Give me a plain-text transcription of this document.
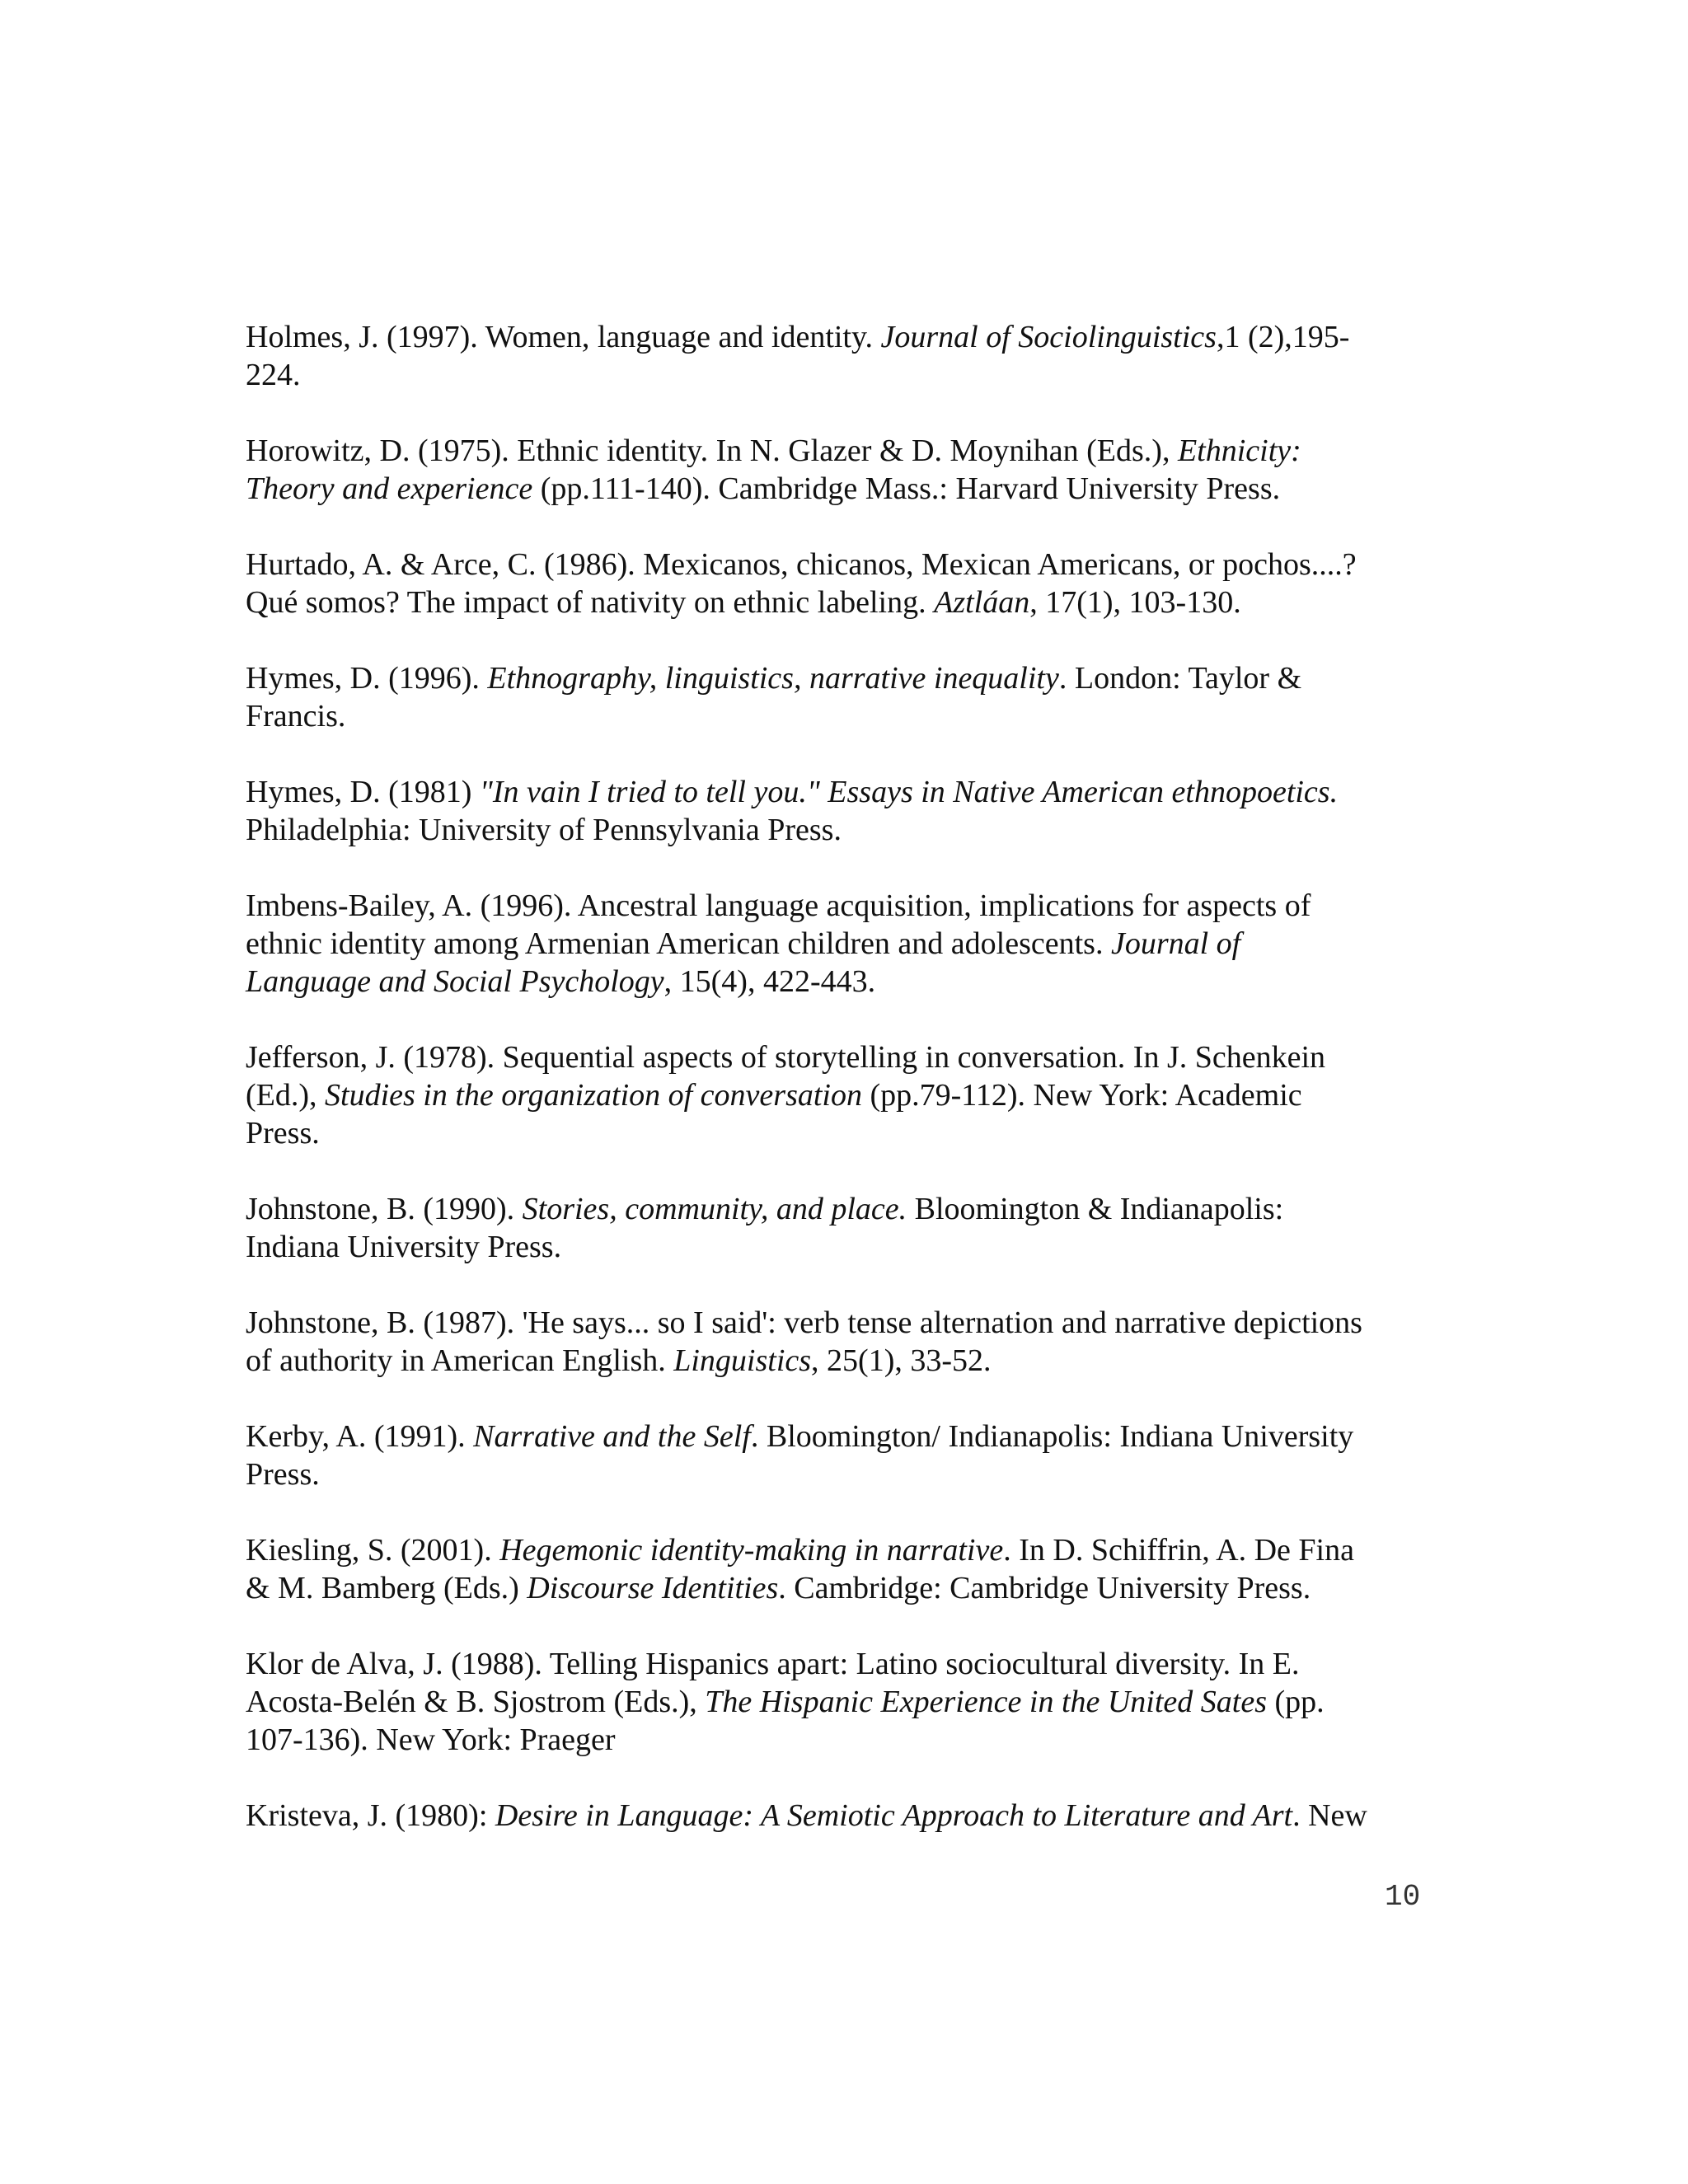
Holmes, J. (1997). Women, language and identity. Journal of Sociolinguistics,1 (2),195-
224.

Horowitz, D. (1975). Ethnic identity. In N. Glazer & D. Moynihan (Eds.), Ethnicity:
Theory and experience (pp.111-140). Cambridge Mass.: Harvard University Press.

Hurtado, A. & Arce, C. (1986). Mexicanos, chicanos, Mexican Americans, or pochos....?
Qué somos? The impact of nativity on ethnic labeling. Aztláan, 17(1), 103-130.

Hymes, D. (1996). Ethnography, linguistics, narrative inequality. London: Taylor &
Francis.

Hymes, D. (1981) "In vain I tried to tell you." Essays in Native American ethnopoetics.
Philadelphia: University of Pennsylvania Press.

Imbens-Bailey, A. (1996). Ancestral language acquisition, implications for aspects of
ethnic identity among Armenian American children and adolescents. Journal of
Language and Social Psychology, 15(4), 422-443.

Jefferson, J. (1978). Sequential aspects of storytelling in conversation. In J. Schenkein
(Ed.), Studies in the organization of conversation (pp.79-112). New York: Academic
Press.

Johnstone, B. (1990). Stories, community, and place. Bloomington & Indianapolis:
Indiana University Press.

Johnstone, B. (1987). 'He says... so I said': verb tense alternation and narrative depictions
of authority in American English. Linguistics, 25(1), 33-52.

Kerby, A. (1991). Narrative and the Self. Bloomington/ Indianapolis: Indiana University
Press.

Kiesling, S. (2001). Hegemonic identity-making in narrative. In D. Schiffrin, A. De Fina
& M. Bamberg (Eds.) Discourse Identities. Cambridge: Cambridge University Press.

Klor de Alva, J. (1988). Telling Hispanics apart: Latino sociocultural diversity. In E.
Acosta-Belén & B. Sjostrom (Eds.), The Hispanic Experience in the United Sates (pp.
107-136). New York: Praeger

Kristeva, J. (1980): Desire in Language: A Semiotic Approach to Literature and Art. New

10
